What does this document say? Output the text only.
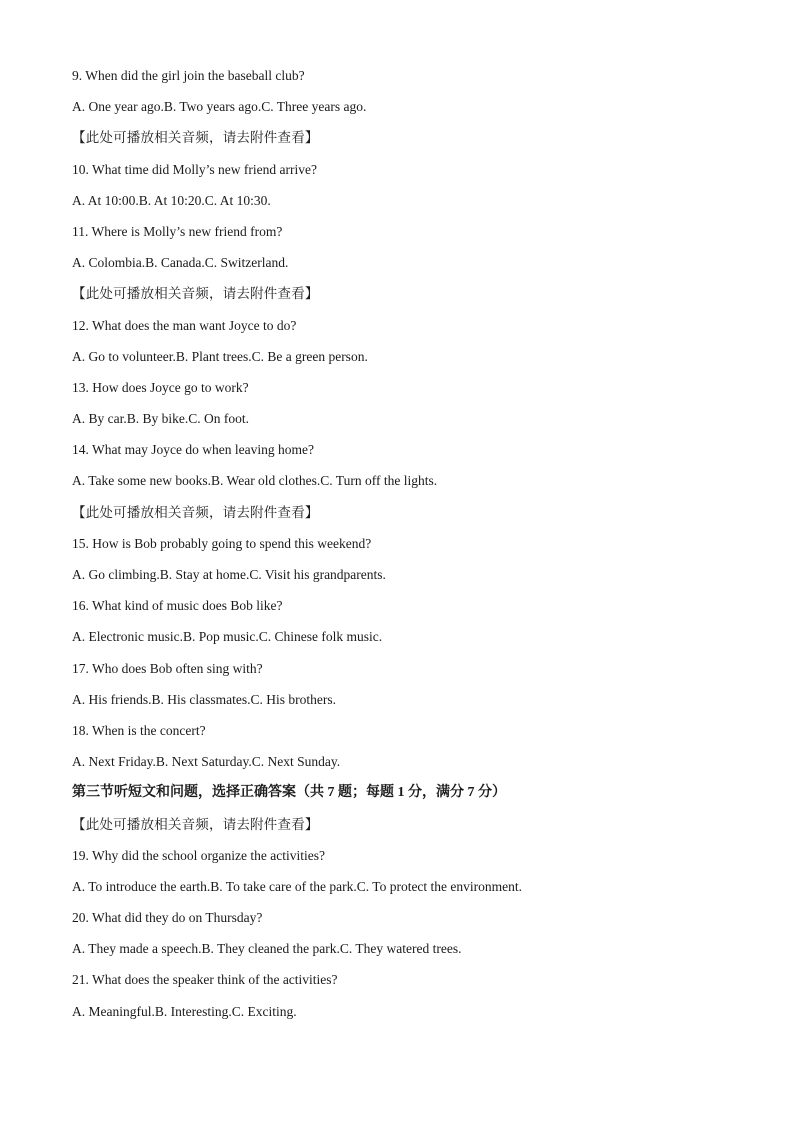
9. When did the girl join the baseball club?
A. One year ago.B. Two years ago.C. Three years ago.
【此处可播放相关音频，请去附件查看】
10. What time did Molly’s new friend arrive?
A. At 10:00.B. At 10:20.C. At 10:30.
11. Where is Molly’s new friend from?
A. Colombia.B. Canada.C. Switzerland.
【此处可播放相关音频，请去附件查看】
12. What does the man want Joyce to do?
A. Go to volunteer.B. Plant trees.C. Be a green person.
13. How does Joyce go to work?
A. By car.B. By bike.C. On foot.
14. What may Joyce do when leaving home?
A. Take some new books.B. Wear old clothes.C. Turn off the lights.
【此处可播放相关音频，请去附件查看】
15. How is Bob probably going to spend this weekend?
A. Go climbing.B. Stay at home.C. Visit his grandparents.
16. What kind of music does Bob like?
A. Electronic music.B. Pop music.C. Chinese folk music.
17. Who does Bob often sing with?
A. His friends.B. His classmates.C. His brothers.
18. When is the concert?
A. Next Friday.B. Next Saturday.C. Next Sunday.
第三节听短文和问题，选择正确答案（共 7 题；每题 1 分，满分 7 分）
【此处可播放相关音频，请去附件查看】
19. Why did the school organize the activities?
A. To introduce the earth.B. To take care of the park.C. To protect the environment.
20. What did they do on Thursday?
A. They made a speech.B. They cleaned the park.C. They watered trees.
21. What does the speaker think of the activities?
A. Meaningful.B. Interesting.C. Exciting.
